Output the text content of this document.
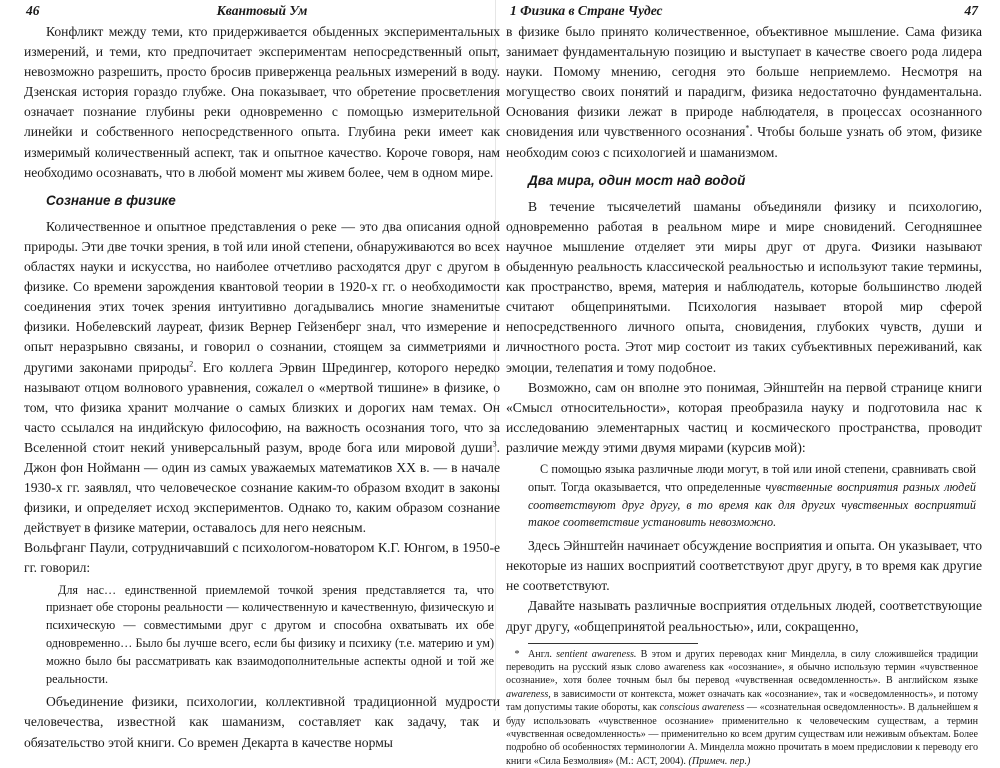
46	Квантовый Ум

Конфликт между теми, кто придерживается обыденных экспериментальных измерений, и теми, кто предпочитает экспериментам непосредственный опыт, невозможно разрешить, просто бросив приверженца реальных измерений в воду. Дзенская история гораздо глубже. Она показывает, что обретение просветления означает познание глубины реки одновременно с помощью измерительной линейки и собственного непосредственного опыта. Глубина реки имеет как измеримый количественный аспект, так и опытное качество. Короче говоря, нам необходимо осознавать, что в любой момент мы живем более, чем в одном мире.

Сознание в физике

Количественное и опытное представления о реке — это два описания одной природы. Эти две точки зрения, в той или иной степени, обнаруживаются во всех областях науки и искусства, но наиболее отчетливо расходятся друг с другом в физике. Со времени зарождения квантовой теории в 1920-х гг. о необходимости соединения этих точек зрения интуитивно догадывались многие знаменитые физики. Нобелевский лауреат, физик Вернер Гейзенберг знал, что измерение и опыт неразрывно связаны, и говорил о сознании, стоящем за симметриями и другими законами природы$^2$. Его коллега Эрвин Шредингер, которого нередко называют отцом волнового уравнения, сожалел о «мертвой тишине» в физике, о том, что физика хранит молчание о самых близких и дорогих нам темах. Он часто ссылался на индийскую философию, на важность осознания того, что за Вселенной стоит некий универсальный разум, вроде бога или мировой души$^3$. Джон фон Нойманн — один из самых уважаемых математиков XX в. — в начале 1930-х гг. заявлял, что человеческое сознание каким-то образом входит в законы физики, и определяет исход экспериментов. Однако то, каким образом сознание действует в физике материи, оставалось для него неясным.

Вольфганг Паули, сотрудничавший с психологом-новатором К.Г. Юнгом, в 1950-е гг. говорил:

Для нас… единственной приемлемой точкой зрения представляется та, что признает обе стороны реальности — количественную и качественную, физическую и психическую — совместимыми друг с другом и способна охватывать их обе одновременно… Было бы лучше всего, если бы физику и психику (т.е. материю и ум) можно было бы рассматривать как взаимодополнительные аспекты одной и той же реальности.

Объединение физики, психологии, коллективной традиционной мудрости человечества, известной как шаманизм, составляет как задачу, так и обязательство этой книги. Со времен Декарта в качестве нормы

1 Физика в Стране Чудес	47

в физике было принято количественное, объективное мышление. Сама физика занимает фундаментальную позицию и выступает в качестве своего рода лидера науки. Помому мнению, сегодня это больше неприемлемо. Несмотря на могущество своих понятий и парадигм, физика недостаточно фундаментальна. Основания физики лежат в природе наблюдателя, в процессах осознанного сновидения или чувственного осознания*. Чтобы больше узнать об этом, физике необходим союз с психологией и шаманизмом.

Два мира, один мост над водой

В течение тысячелетий шаманы объединяли физику и психологию, одновременно работая в реальном мире и мире сновидений. Сегодняшнее научное мышление отделяет эти миры друг от друга. Физики называют обыденную реальность классической реальностью и используют такие термины, как пространство, время, материя и наблюдатель, которые большинство людей считают общепринятыми. Психология называет второй мир сферой непосредственного личного опыта, сновидения, глубоких чувств, души и личностного роста. Этот мир состоит из таких субъективных переживаний, как эмоции, телепатия и тому подобное.

Возможно, сам он вполне это понимая, Эйнштейн на первой странице книги «Смысл относительности», которая преобразила науку и подготовила нас к исследованию элементарных частиц и космического пространства, проводит различие между этими двумя мирами (курсив мой):

С помощью языка различные люди могут, в той или иной степени, сравнивать свой опыт. Тогда оказывается, что определенные чувственные восприятия разных людей соответствуют друг другу, в то время как для других чувственных восприятий такое соответствие установить невозможно.

Здесь Эйнштейн начинает обсуждение восприятия и опыта. Он указывает, что некоторые из наших восприятий соответствуют друг другу, в то время как другие не соответствуют.

Давайте называть различные восприятия отдельных людей, соответствующие друг другу, «общепринятой реальностью», или, сокращенно,

* Англ. sentient awareness. В этом и других переводах книг Минделла, в силу сложившейся традиции переводить на русский язык слово awareness как «осознание», я обычно использую термин «чувственное осознание», хотя более точным был бы перевод «чувственная осведомленность». В английском языке awareness, в зависимости от контекста, может означать как «осознание», так и «осведомленность», и потому там допустимы такие обороты, как conscious awareness — «сознательная осведомленность». В дальнейшем я буду использовать «чувственное осознание» применительно к человеческим существам, а термин «чувственная осведомленность» — применительно ко всем другим существам или неживым объектам. Более подробно об особенностях терминологии А. Минделла можно прочитать в моем предисловии к переводу его книги «Сила Безмолвия» (М.: АСТ, 2004). (Примеч. пер.)
